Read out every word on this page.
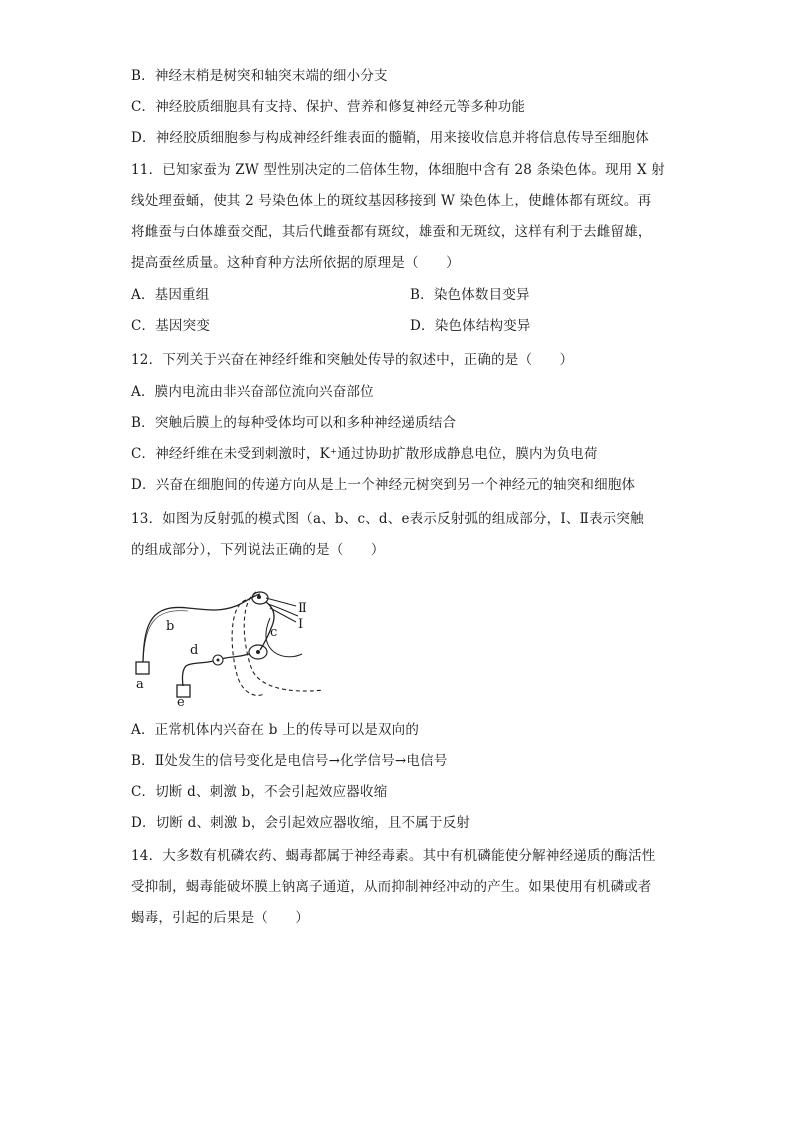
B．神经末梢是树突和轴突末端的细小分支
C．神经胶质细胞具有支持、保护、营养和修复神经元等多种功能
D．神经胶质细胞参与构成神经纤维表面的髓鞘，用来接收信息并将信息传导至细胞体
11．已知家蚕为 ZW 型性别决定的二倍体生物，体细胞中含有 28 条染色体。现用 X 射
线处理蚕蛹，使其 2 号染色体上的斑纹基因移接到 W 染色体上，使雌体都有斑纹。再
将雌蚕与白体雄蚕交配，其后代雌蚕都有斑纹，雄蚕和无斑纹，这样有利于去雌留雄，
提高蚕丝质量。这种育种方法所依据的原理是（　　）
A．基因重组	B．染色体数目变异
C．基因突变	D．染色体结构变异
12．下列关于兴奋在神经纤维和突触处传导的叙述中，正确的是（　　）
A．膜内电流由非兴奋部位流向兴奋部位
B．突触后膜上的每种受体均可以和多种神经递质结合
C．神经纤维在未受到刺激时，K⁺通过协助扩散形成静息电位，膜内为负电荷
D．兴奋在细胞间的传递方向从是上一个神经元树突到另一个神经元的轴突和细胞体
13．如图为反射弧的模式图（a、b、c、d、e表示反射弧的组成部分，Ⅰ、Ⅱ表示突触
的组成部分），下列说法正确的是（　　）
b	c
d
a
e
Ⅱ
Ⅰ
A．正常机体内兴奋在 b 上的传导可以是双向的
B．Ⅱ处发生的信号变化是电信号→化学信号→电信号
C．切断 d、刺激 b，不会引起效应器收缩
D．切断 d、刺激 b，会引起效应器收缩，且不属于反射
14．大多数有机磷农药、蝎毒都属于神经毒素。其中有机磷能使分解神经递质的酶活性
受抑制，蝎毒能破坏膜上钠离子通道，从而抑制神经冲动的产生。如果使用有机磷或者
蝎毒，引起的后果是（　　）
